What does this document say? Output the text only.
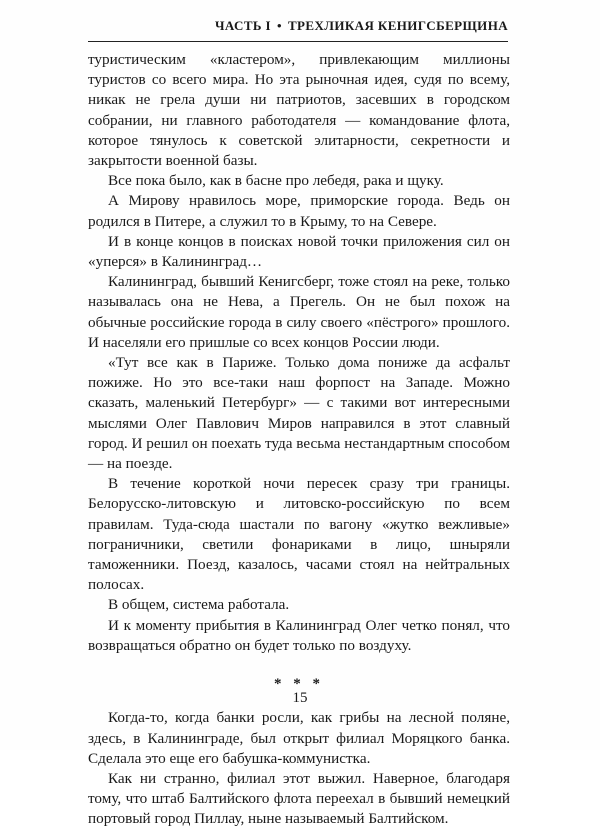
ЧАСТЬ I • ТРЕХЛИКАЯ КЕНИГСБЕРЩИНА

туристическим «кластером», привлекающим миллионы туристов со всего мира. Но эта рыночная идея, судя по всему, никак не грела души ни патриотов, засевших в городском собрании, ни главного работодателя — командование флота, которое тянулось к советской элитарности, секретности и закрытости военной базы.

Все пока было, как в басне про лебедя, рака и щуку.

А Мирову нравилось море, приморские города. Ведь он родился в Питере, а служил то в Крыму, то на Севере.

И в конце концов в поисках новой точки приложения сил он «уперся» в Калининград…

Калининград, бывший Кенигсберг, тоже стоял на реке, только называлась она не Нева, а Прегель. Он не был похож на обычные российские города в силу своего «пёстрого» прошлого. И населяли его пришлые со всех концов России люди.

«Тут все как в Париже. Только дома пониже да асфальт пожиже. Но это все-таки наш форпост на Западе. Можно сказать, маленький Петербург» — с такими вот интересными мыслями Олег Павлович Миров направился в этот славный город. И решил он поехать туда весьма нестандартным способом — на поезде.

В течение короткой ночи пересек сразу три границы. Белорусско-литовскую и литовско-российскую по всем правилам. Туда-сюда шастали по вагону «жутко вежливые» пограничники, светили фонариками в лицо, шныряли таможенники. Поезд, казалось, часами стоял на нейтральных полосах.

В общем, система работала.

И к моменту прибытия в Калининград Олег четко понял, что возвращаться обратно он будет только по воздуху.

* * *

Когда-то, когда банки росли, как грибы на лесной поляне, здесь, в Калининграде, был открыт филиал Моряцкого банка. Сделала это еще его бабушка-коммунистка.

Как ни странно, филиал этот выжил. Наверное, благодаря тому, что штаб Балтийского флота переехал в бывший немецкий портовый город Пиллау, ныне называемый Балтийском.

15
